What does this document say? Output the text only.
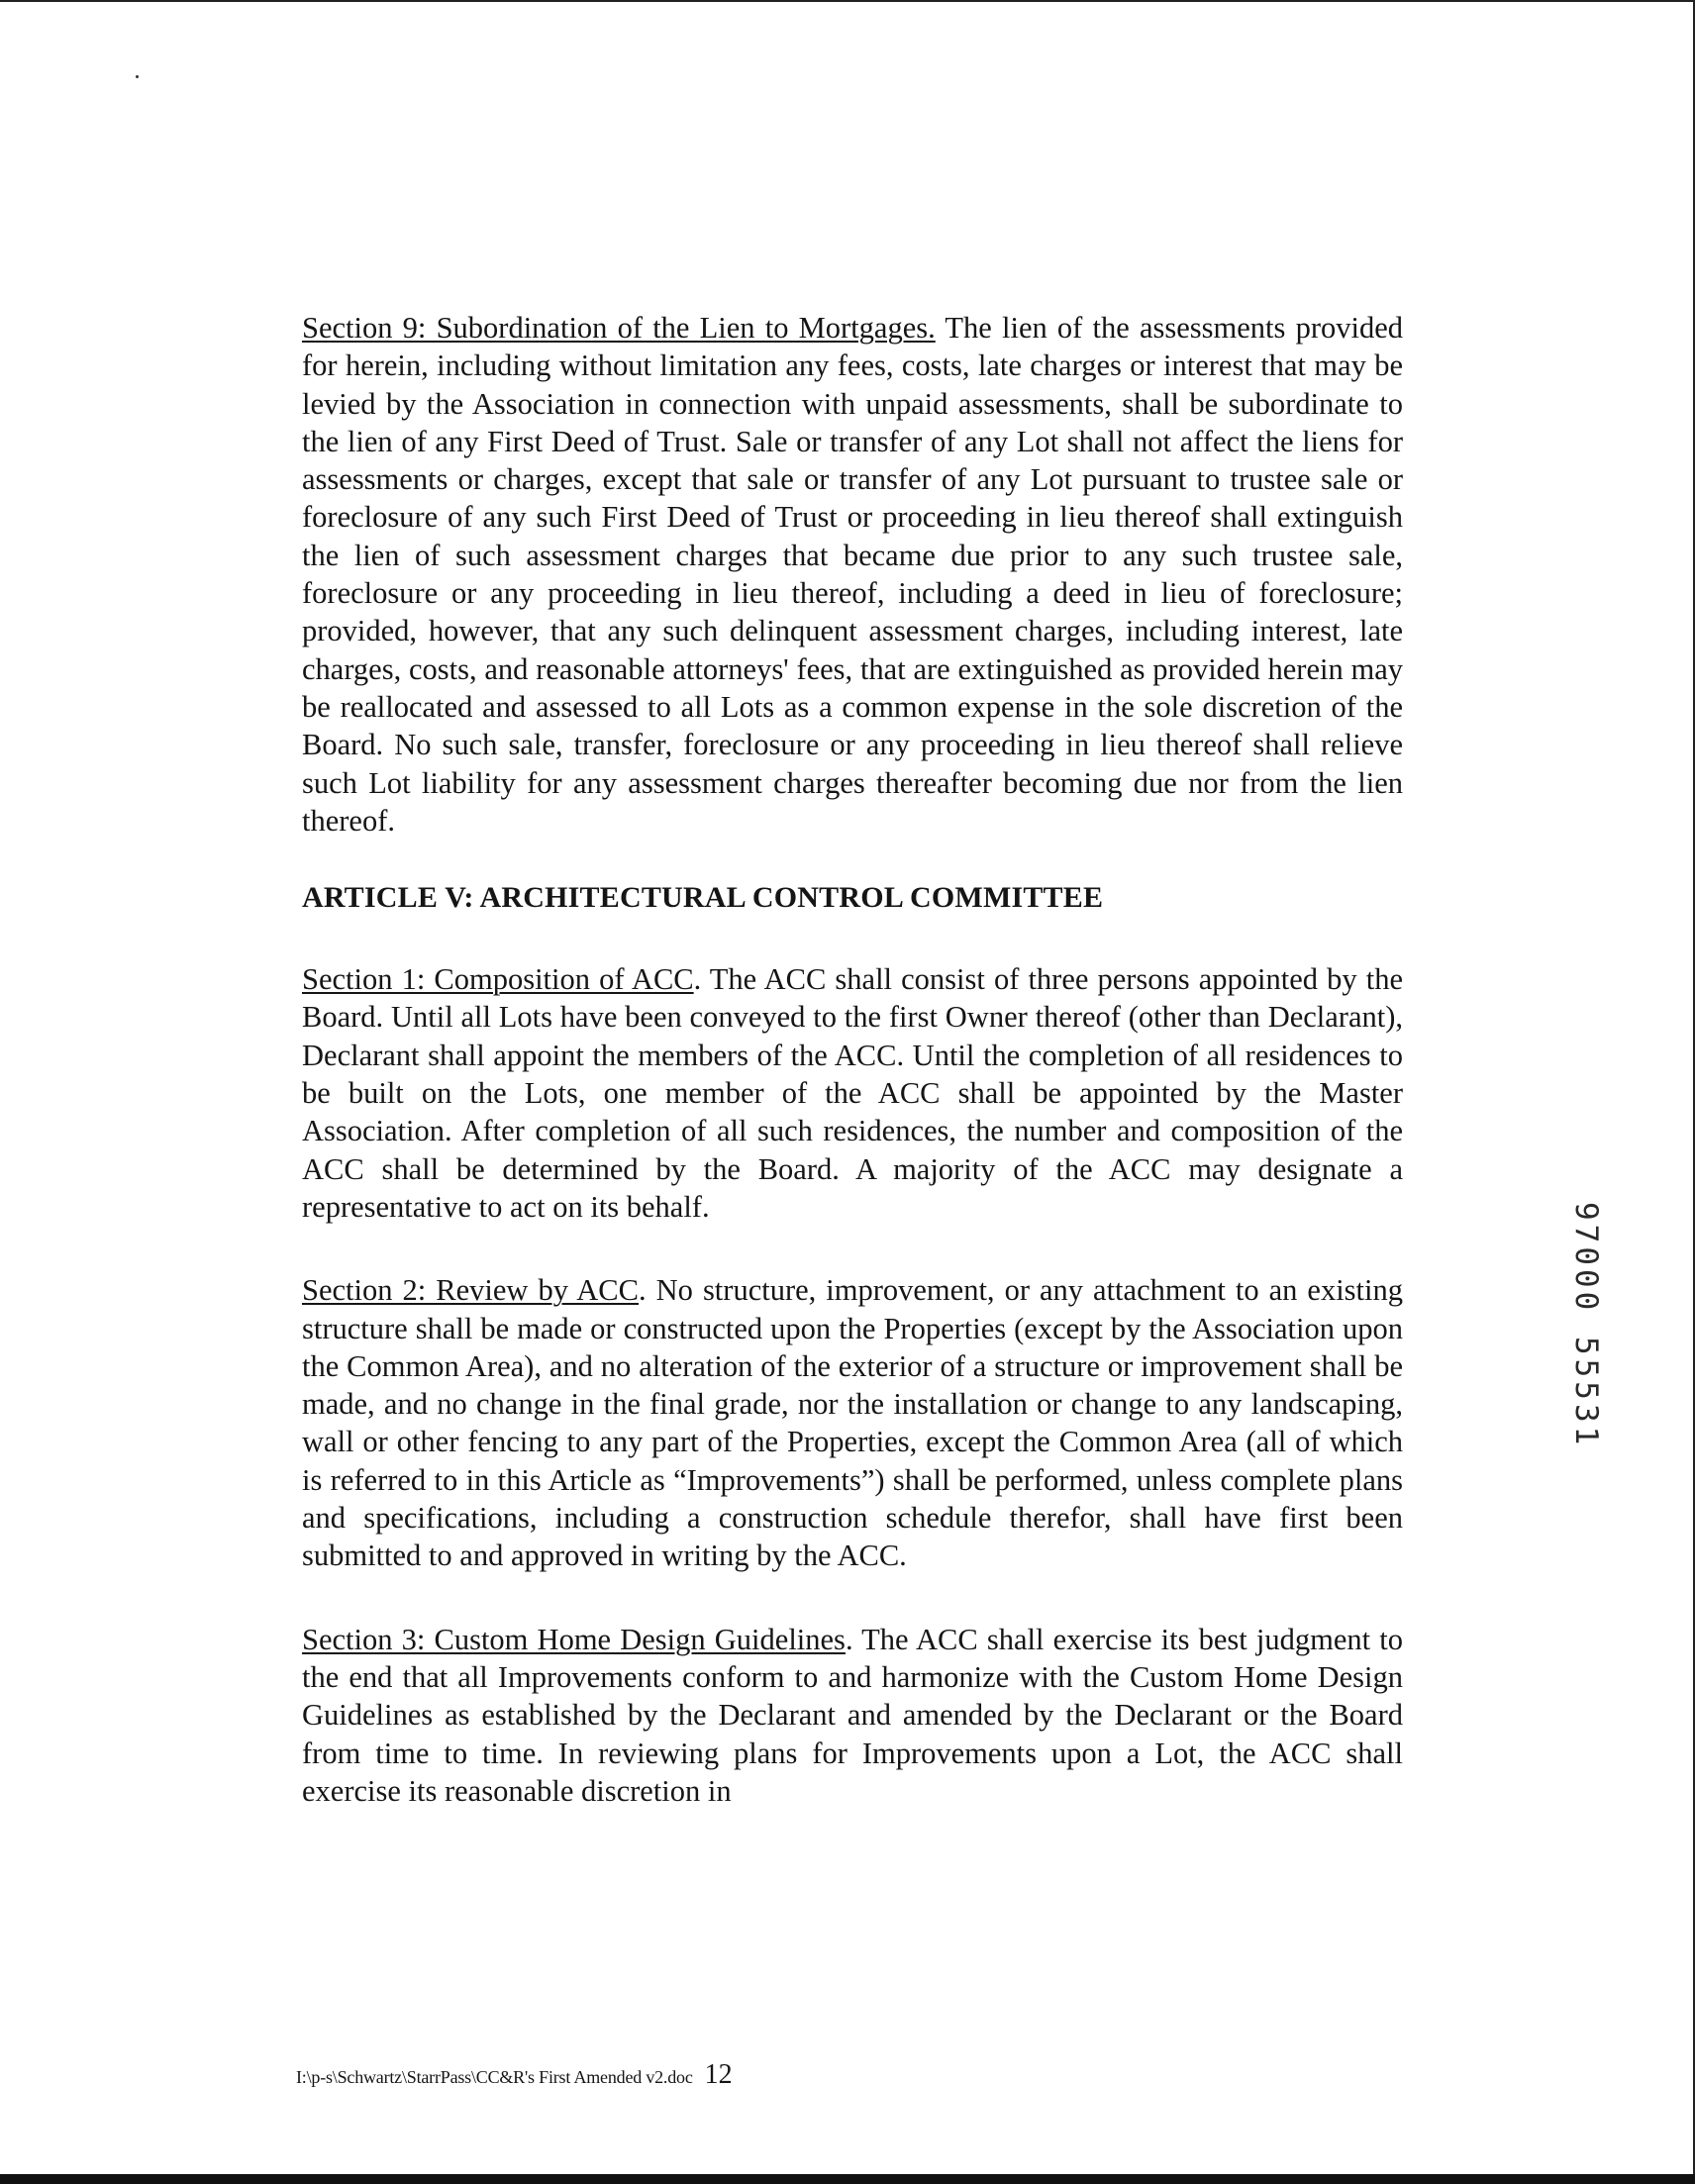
Section 9: Subordination of the Lien to Mortgages. The lien of the assessments provided for herein, including without limitation any fees, costs, late charges or interest that may be levied by the Association in connection with unpaid assessments, shall be subordinate to the lien of any First Deed of Trust. Sale or transfer of any Lot shall not affect the liens for assessments or charges, except that sale or transfer of any Lot pursuant to trustee sale or foreclosure of any such First Deed of Trust or proceeding in lieu thereof shall extinguish the lien of such assessment charges that became due prior to any such trustee sale, foreclosure or any proceeding in lieu thereof, including a deed in lieu of foreclosure; provided, however, that any such delinquent assessment charges, including interest, late charges, costs, and reasonable attorneys' fees, that are extinguished as provided herein may be reallocated and assessed to all Lots as a common expense in the sole discretion of the Board. No such sale, transfer, foreclosure or any proceeding in lieu thereof shall relieve such Lot liability for any assessment charges thereafter becoming due nor from the lien thereof.

ARTICLE V: ARCHITECTURAL CONTROL COMMITTEE

Section 1: Composition of ACC. The ACC shall consist of three persons appointed by the Board. Until all Lots have been conveyed to the first Owner thereof (other than Declarant), Declarant shall appoint the members of the ACC. Until the completion of all residences to be built on the Lots, one member of the ACC shall be appointed by the Master Association. After completion of all such residences, the number and composition of the ACC shall be determined by the Board. A majority of the ACC may designate a representative to act on its behalf.

Section 2: Review by ACC. No structure, improvement, or any attachment to an existing structure shall be made or constructed upon the Properties (except by the Association upon the Common Area), and no alteration of the exterior of a structure or improvement shall be made, and no change in the final grade, nor the installation or change to any landscaping, wall or other fencing to any part of the Properties, except the Common Area (all of which is referred to in this Article as “Improvements”) shall be performed, unless complete plans and specifications, including a construction schedule therefor, shall have first been submitted to and approved in writing by the ACC.

Section 3: Custom Home Design Guidelines. The ACC shall exercise its best judgment to the end that all Improvements conform to and harmonize with the Custom Home Design Guidelines as established by the Declarant and amended by the Declarant or the Board from time to time. In reviewing plans for Improvements upon a Lot, the ACC shall exercise its reasonable discretion in

97000 55531
I:\p-s\Schwartz\StarrPass\CC&R's First Amended v2.doc 12
